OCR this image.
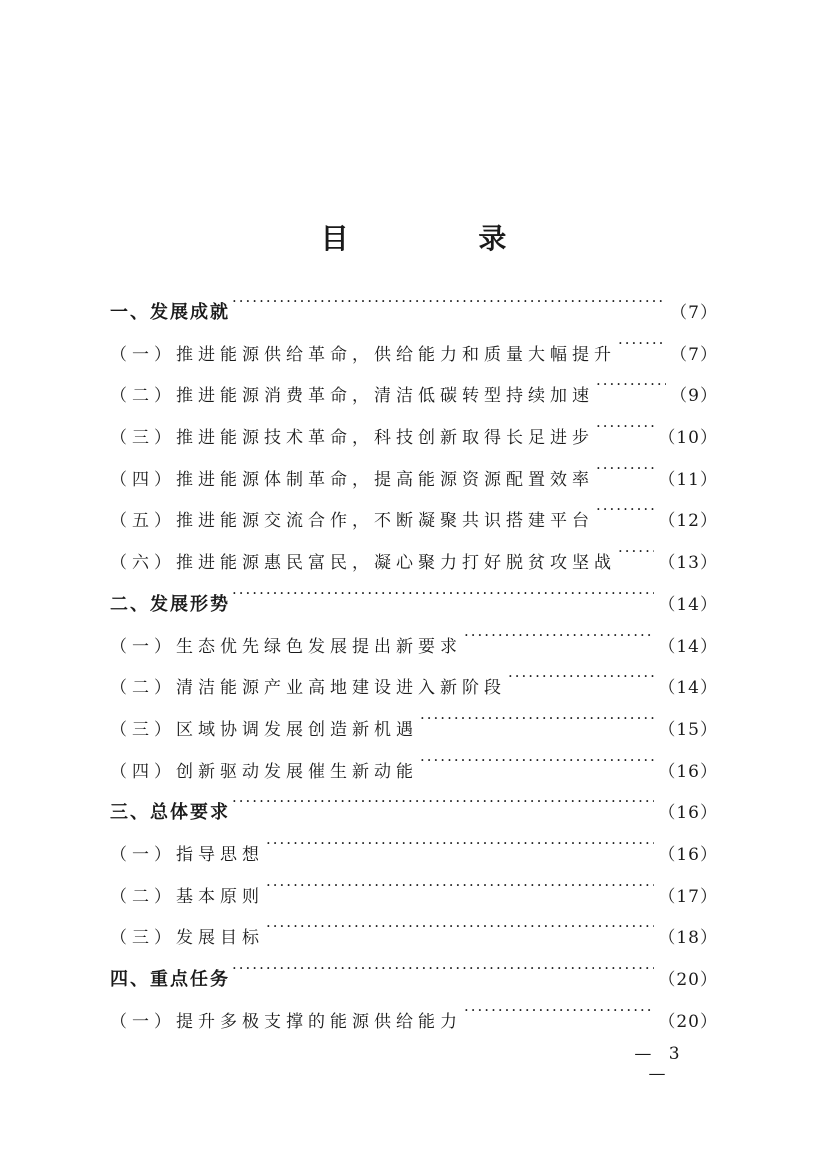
目 录
一、发展成就 ·····	（7）
（一）推进能源供给革命，供给能力和质量大幅提升 ·····	（7）
（二）推进能源消费革命，清洁低碳转型持续加速 ·····	（9）
（三）推进能源技术革命，科技创新取得长足进步 ·····	（10）
（四）推进能源体制革命，提高能源资源配置效率 ·····	（11）
（五）推进能源交流合作，不断凝聚共识搭建平台 ·····	（12）
（六）推进能源惠民富民，凝心聚力打好脱贫攻坚战 ····· （13）
二、发展形势 ·····	（14）
（一）生态优先绿色发展提出新要求 ·····	（14）
（二）清洁能源产业高地建设进入新阶段 ·····	（14）
（三）区域协调发展创造新机遇 ·····	（15）
（四）创新驱动发展催生新动能 ·····	（16）
三、总体要求 ·····	（16）
（一）指导思想 ·····	（16）
（二）基本原则 ·····	（17）
（三）发展目标 ·····	（18）
四、重点任务 ·····	（20）
（一）提升多极支撑的能源供给能力 ·····	（20）
— 3 —
